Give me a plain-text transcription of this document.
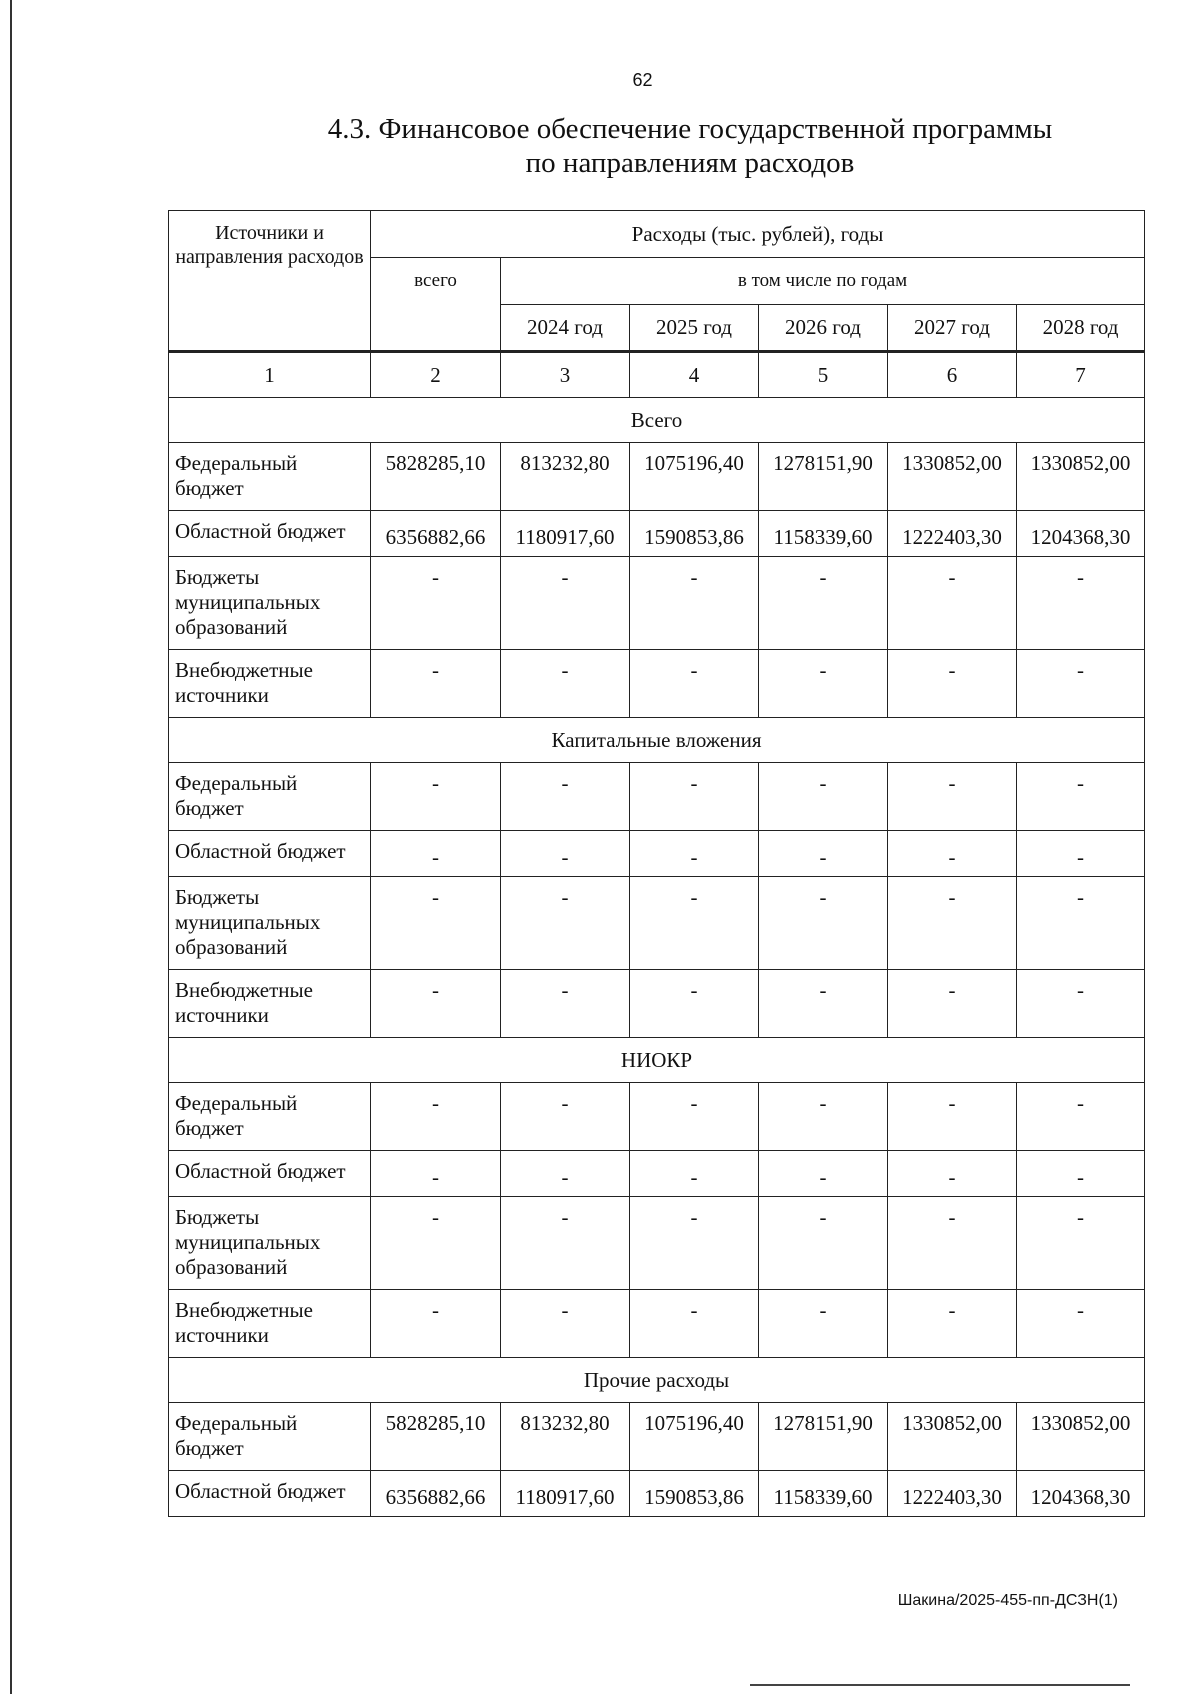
62
4.3. Финансовое обеспечение государственной программы
по направлениям расходов
Источники и направления расходов	Расходы (тыс. рублей), годы					
	всего	в том числе по годам				
		2024 год	2025 год	2026 год	2027 год	2028 год
1	2	3	4	5	6	7
Всего						
Федеральный бюджет	5828285,10	813232,80	1075196,40	1278151,90	1330852,00	1330852,00
Областной бюджет	6356882,66	1180917,60	1590853,86	1158339,60	1222403,30	1204368,30
Бюджеты муниципальных образований	-	-	-	-	-	-
Внебюджетные источники	-	-	-	-	-	-
Капитальные вложения						
Федеральный бюджет	-	-	-	-	-	-
Областной бюджет	-	-	-	-	-	-
Бюджеты муниципальных образований	-	-	-	-	-	-
Внебюджетные источники	-	-	-	-	-	-
НИОКР						
Федеральный бюджет	-	-	-	-	-	-
Областной бюджет	-	-	-	-	-	-
Бюджеты муниципальных образований	-	-	-	-	-	-
Внебюджетные источники	-	-	-	-	-	-
Прочие расходы						
Федеральный бюджет	5828285,10	813232,80	1075196,40	1278151,90	1330852,00	1330852,00
Областной бюджет	6356882,66	1180917,60	1590853,86	1158339,60	1222403,30	1204368,30
Шакина/2025-455-пп-ДСЗН(1)
